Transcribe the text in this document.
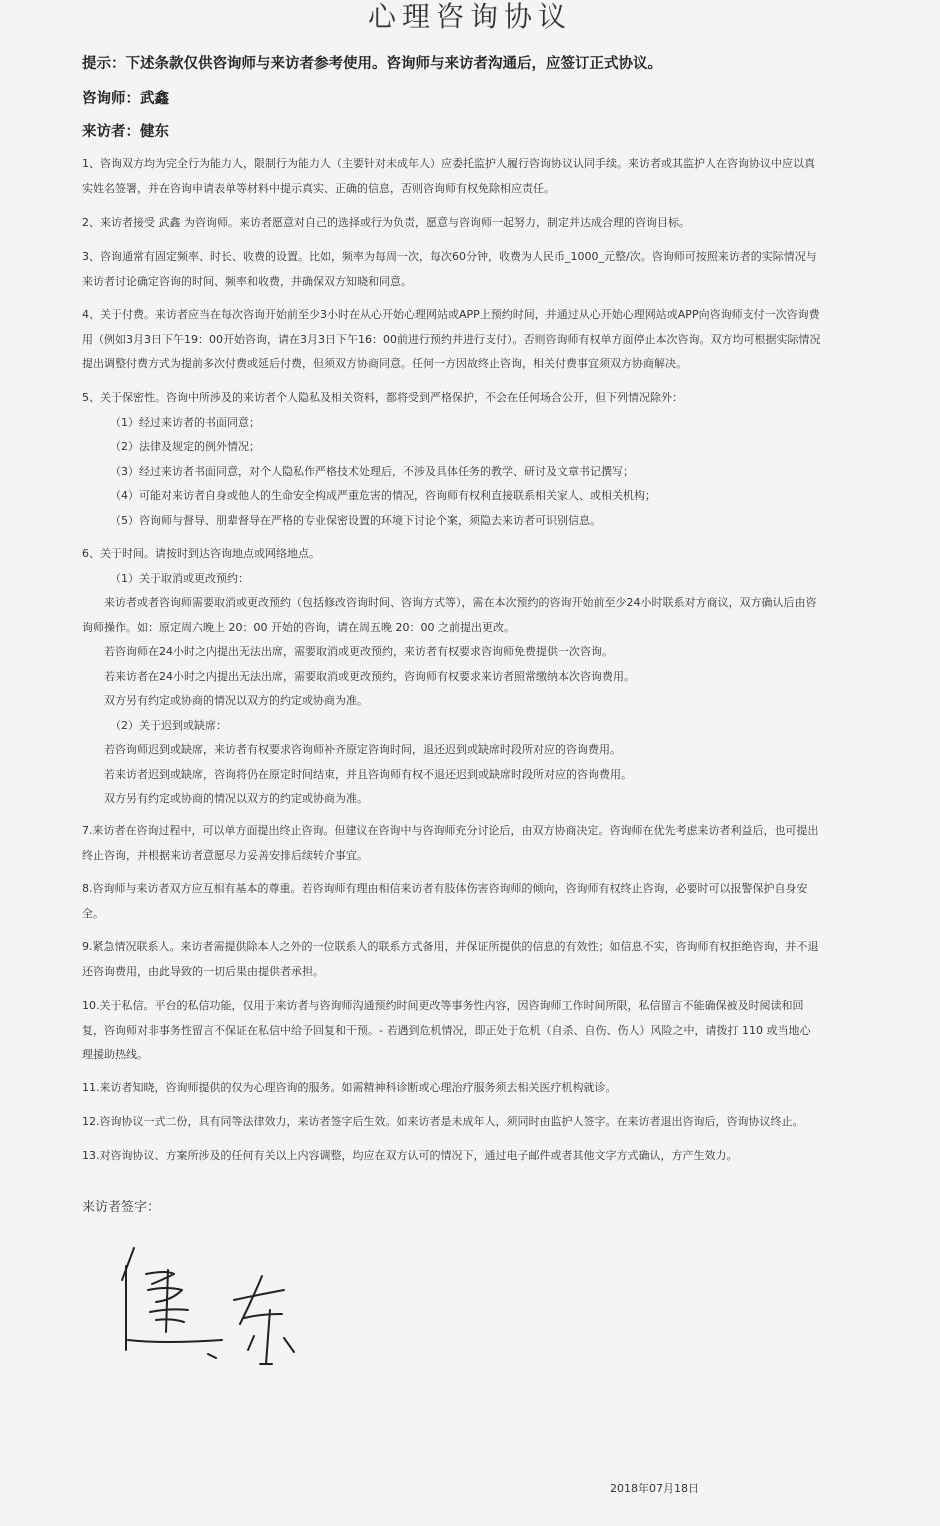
心理咨询协议
提示：下述条款仅供咨询师与来访者参考使用。咨询师与来访者沟通后，应签订正式协议。
咨询师：武鑫
来访者：健东
1、咨询双方均为完全行为能力人，限制行为能力人（主要针对未成年人）应委托监护人履行咨询协议认同手续。来访者或其监护人在咨询协议中应以真
实姓名签署，并在咨询申请表单等材料中提示真实、正确的信息，否则咨询师有权免除相应责任。
2、来访者接受 武鑫 为咨询师。来访者愿意对自己的选择或行为负责，愿意与咨询师一起努力，制定并达成合理的咨询目标。
3、咨询通常有固定频率、时长、收费的设置。比如，频率为每周一次，每次60分钟，收费为人民币_1000_元整/次。咨询师可按照来访者的实际情况与
来访者讨论确定咨询的时间、频率和收费，并确保双方知晓和同意。
4、关于付费。来访者应当在每次咨询开始前至少3小时在从心开始心理网站或APP上预约时间，并通过从心开始心理网站或APP向咨询师支付一次咨询费
用（例如3月3日下午19：00开始咨询，请在3月3日下午16：00前进行预约并进行支付）。否则咨询师有权单方面停止本次咨询。双方均可根据实际情况
提出调整付费方式为提前多次付费或延后付费，但须双方协商同意。任何一方因故终止咨询，相关付费事宜须双方协商解决。
5、关于保密性。咨询中所涉及的来访者个人隐私及相关资料，都将受到严格保护，不会在任何场合公开，但下列情况除外：
（1）经过来访者的书面同意；
（2）法律及规定的例外情况；
（3）经过来访者书面同意，对个人隐私作严格技术处理后，不涉及具体任务的教学、研讨及文章书记撰写；
（4）可能对来访者自身或他人的生命安全构成严重危害的情况，咨询师有权利直接联系相关家人、或相关机构；
（5）咨询师与督导、朋辈督导在严格的专业保密设置的环境下讨论个案，须隐去来访者可识别信息。
6、关于时间。请按时到达咨询地点或网络地点。
（1）关于取消或更改预约：
来访者或者咨询师需要取消或更改预约（包括修改咨询时间、咨询方式等），需在本次预约的咨询开始前至少24小时联系对方商议，双方确认后由咨
询师操作。如：原定周六晚上 20：00 开始的咨询，请在周五晚 20：00 之前提出更改。
若咨询师在24小时之内提出无法出席，需要取消或更改预约，来访者有权要求咨询师免费提供一次咨询。
若来访者在24小时之内提出无法出席，需要取消或更改预约，咨询师有权要求来访者照常缴纳本次咨询费用。
双方另有约定或协商的情况以双方的约定或协商为准。
（2）关于迟到或缺席：
若咨询师迟到或缺席，来访者有权要求咨询师补齐原定咨询时间，退还迟到或缺席时段所对应的咨询费用。
若来访者迟到或缺席，咨询将仍在原定时间结束，并且咨询师有权不退还迟到或缺席时段所对应的咨询费用。
双方另有约定或协商的情况以双方的约定或协商为准。
7.来访者在咨询过程中，可以单方面提出终止咨询。但建议在咨询中与咨询师充分讨论后，由双方协商决定。咨询师在优先考虑来访者利益后，也可提出
终止咨询，并根据来访者意愿尽力妥善安排后续转介事宜。
8.咨询师与来访者双方应互相有基本的尊重。若咨询师有理由相信来访者有肢体伤害咨询师的倾向，咨询师有权终止咨询，必要时可以报警保护自身安
全。
9.紧急情况联系人。来访者需提供除本人之外的一位联系人的联系方式备用，并保证所提供的信息的有效性；如信息不实，咨询师有权拒绝咨询，并不退
还咨询费用，由此导致的一切后果由提供者承担。
10.关于私信。平台的私信功能，仅用于来访者与咨询师沟通预约时间更改等事务性内容，因咨询师工作时间所限，私信留言不能确保被及时阅读和回
复，咨询师对非事务性留言不保证在私信中给予回复和干预。- 若遇到危机情况，即正处于危机（自杀、自伤、伤人）风险之中，请拨打 110 或当地心
理援助热线。
11.来访者知晓，咨询师提供的仅为心理咨询的服务。如需精神科诊断或心理治疗服务须去相关医疗机构就诊。
12.咨询协议一式二份，具有同等法律效力，来访者签字后生效。如来访者是未成年人，须同时由监护人签字。在来访者退出咨询后，咨询协议终止。
13.对咨询协议、方案所涉及的任何有关以上内容调整，均应在双方认可的情况下，通过电子邮件或者其他文字方式确认，方产生效力。
来访者签字：
2018年07月18日
